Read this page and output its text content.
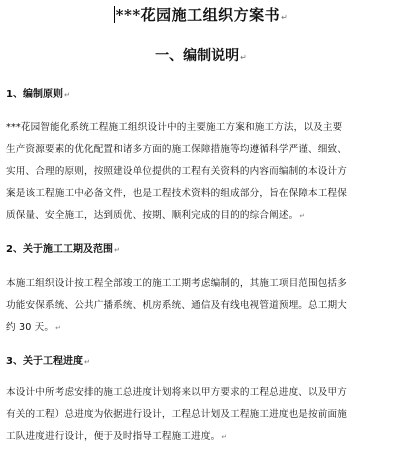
***花园施工组织方案书↵
一、编制说明↵
1、编制原则↵
***花园智能化系统工程施工组织设计中的主要施工方案和施工方法，以及主要
生产资源要素的优化配置和诸多方面的施工保障措施等均遵循科学严谨、细致、
实用、合理的原则，按照建设单位提供的工程有关资料的内容而编制的本设计方
案是该工程施工中必备文件，也是工程技术资料的组成部分，旨在保障本工程保
质保量、安全施工，达到质优、按期、顺利完成的目的的综合阐述。↵
2、关于施工工期及范围↵
本施工组织设计按工程全部竣工的施工工期考虑编制的，其施工项目范围包括多
功能安保系统、公共广播系统、机房系统、通信及有线电视管道预埋。总工期大
约 30 天。↵
3、关于工程进度↵
本设计中所考虑安排的施工总进度计划将来以甲方要求的工程总进度、以及甲方
有关的工程）总进度为依据进行设计，工程总计划及工程施工进度也是按前面施
工队进度进行设计，便于及时指导工程施工进度。↵
